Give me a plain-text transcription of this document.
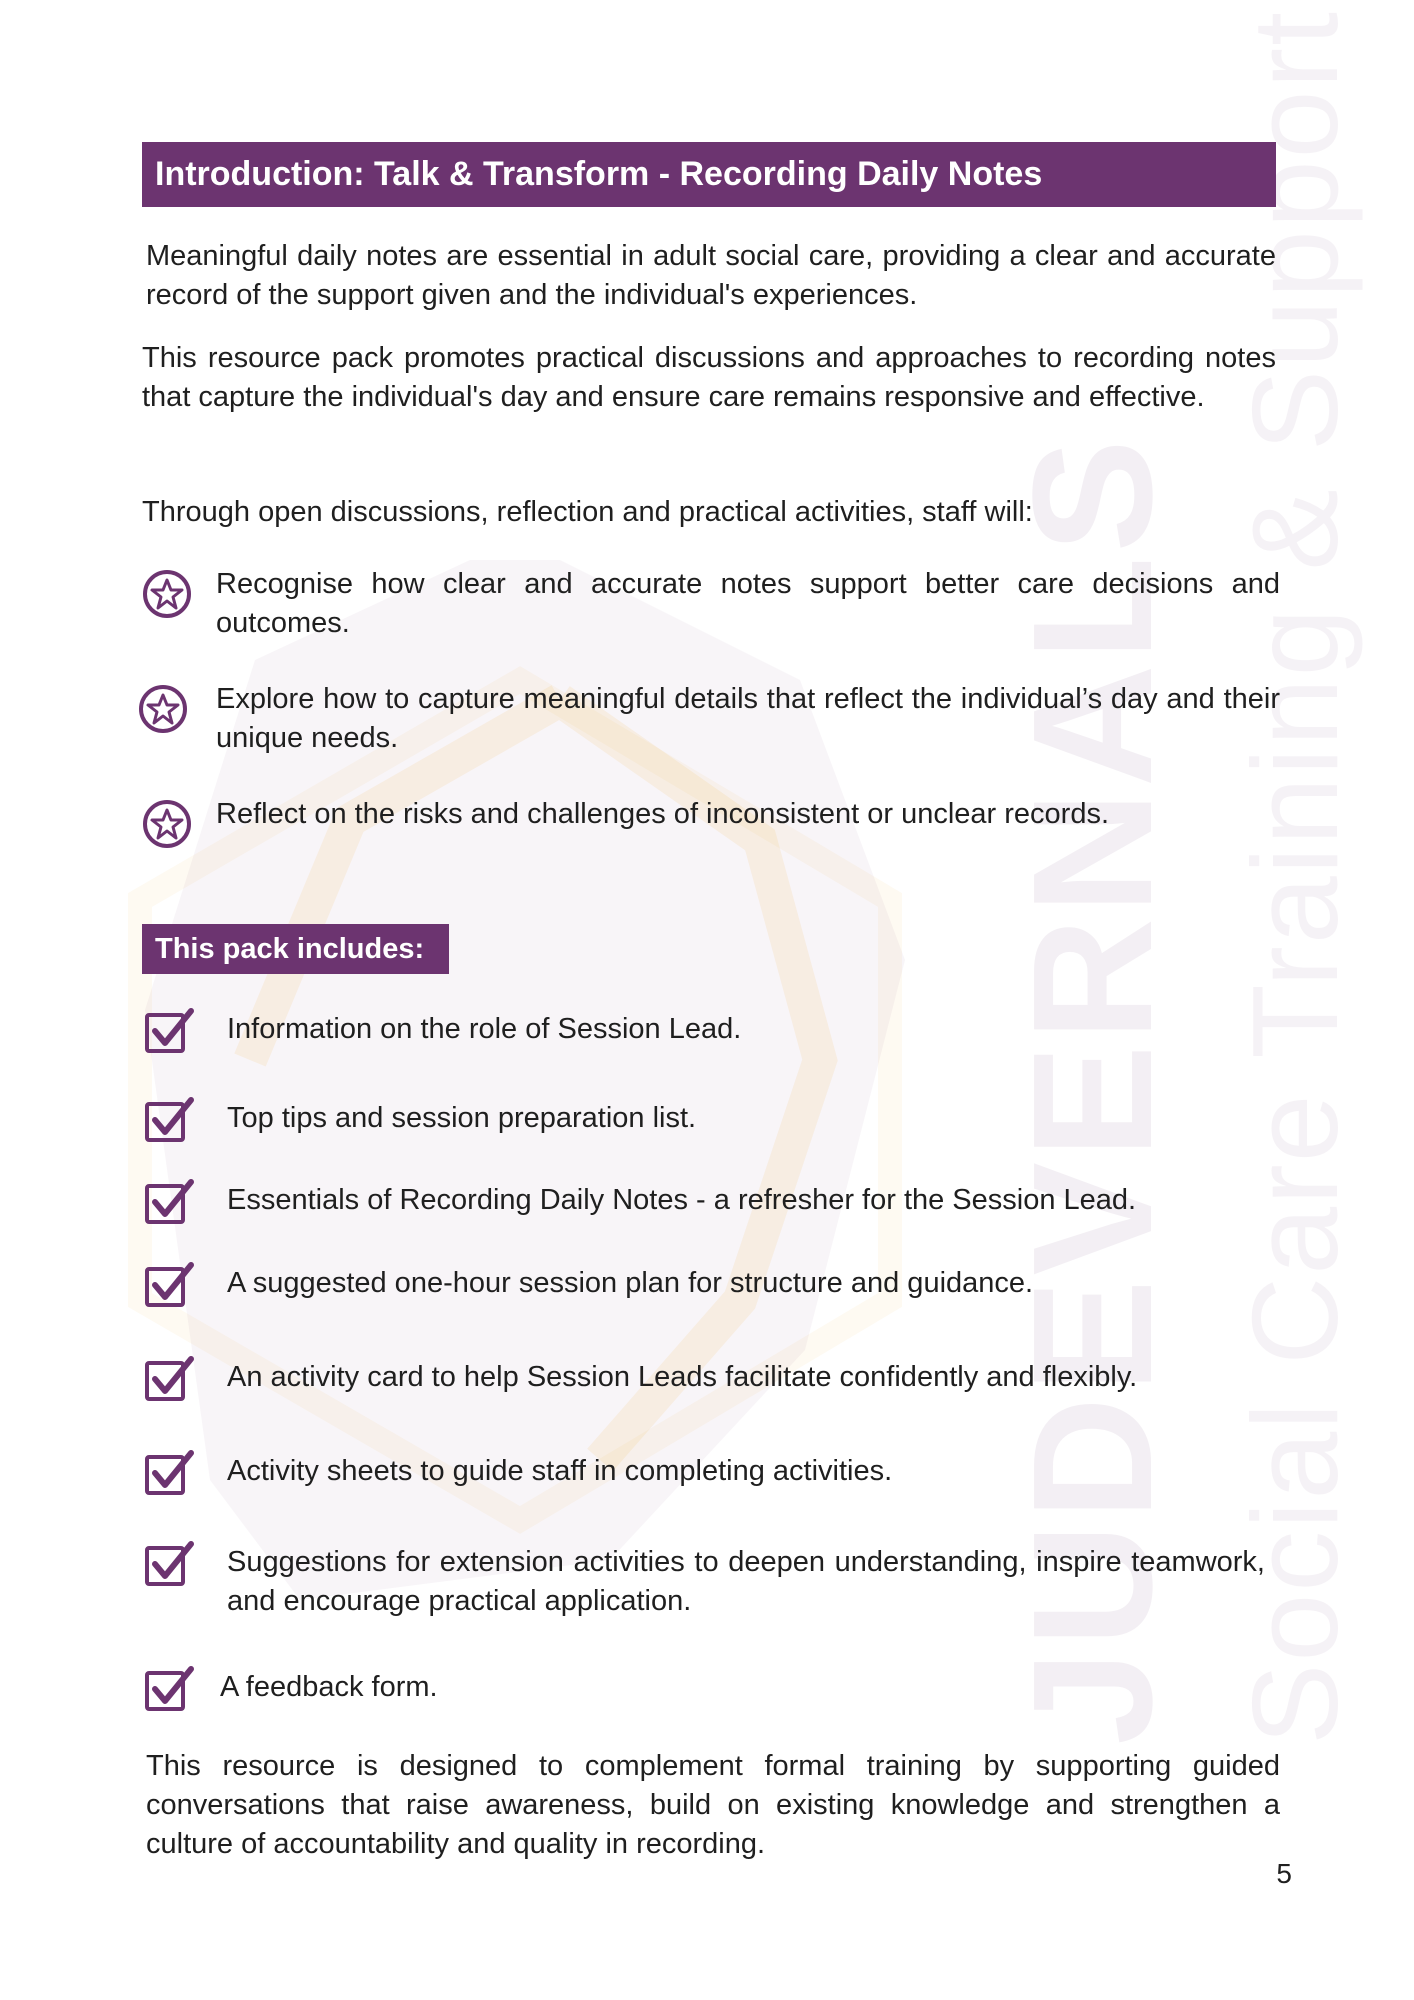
JUDEVERNALS Social Care Training & Support
Introduction: Talk & Transform - Recording Daily Notes

Meaningful daily notes are essential in adult social care, providing a clear and accurate record of the support given and the individual's experiences.

This resource pack promotes practical discussions and approaches to recording notes that capture the individual's day and ensure care remains responsive and effective.

Through open discussions, reflection and practical activities, staff will:

Recognise how clear and accurate notes support better care decisions and outcomes.
Explore how to capture meaningful details that reflect the individual’s day and their unique needs.
Reflect on the risks and challenges of inconsistent or unclear records.
This pack includes:
Information on the role of Session Lead.
Top tips and session preparation list.
Essentials of Recording Daily Notes - a refresher for the Session Lead.
A suggested one-hour session plan for structure and guidance.
An activity card to help Session Leads facilitate confidently and flexibly.
Activity sheets to guide staff in completing activities.
Suggestions for extension activities to deepen understanding, inspire teamwork, and encourage practical application.
A feedback form.

This resource is designed to complement formal training by supporting guided conversations that raise awareness, build on existing knowledge and strengthen a culture of accountability and quality in recording.

5
